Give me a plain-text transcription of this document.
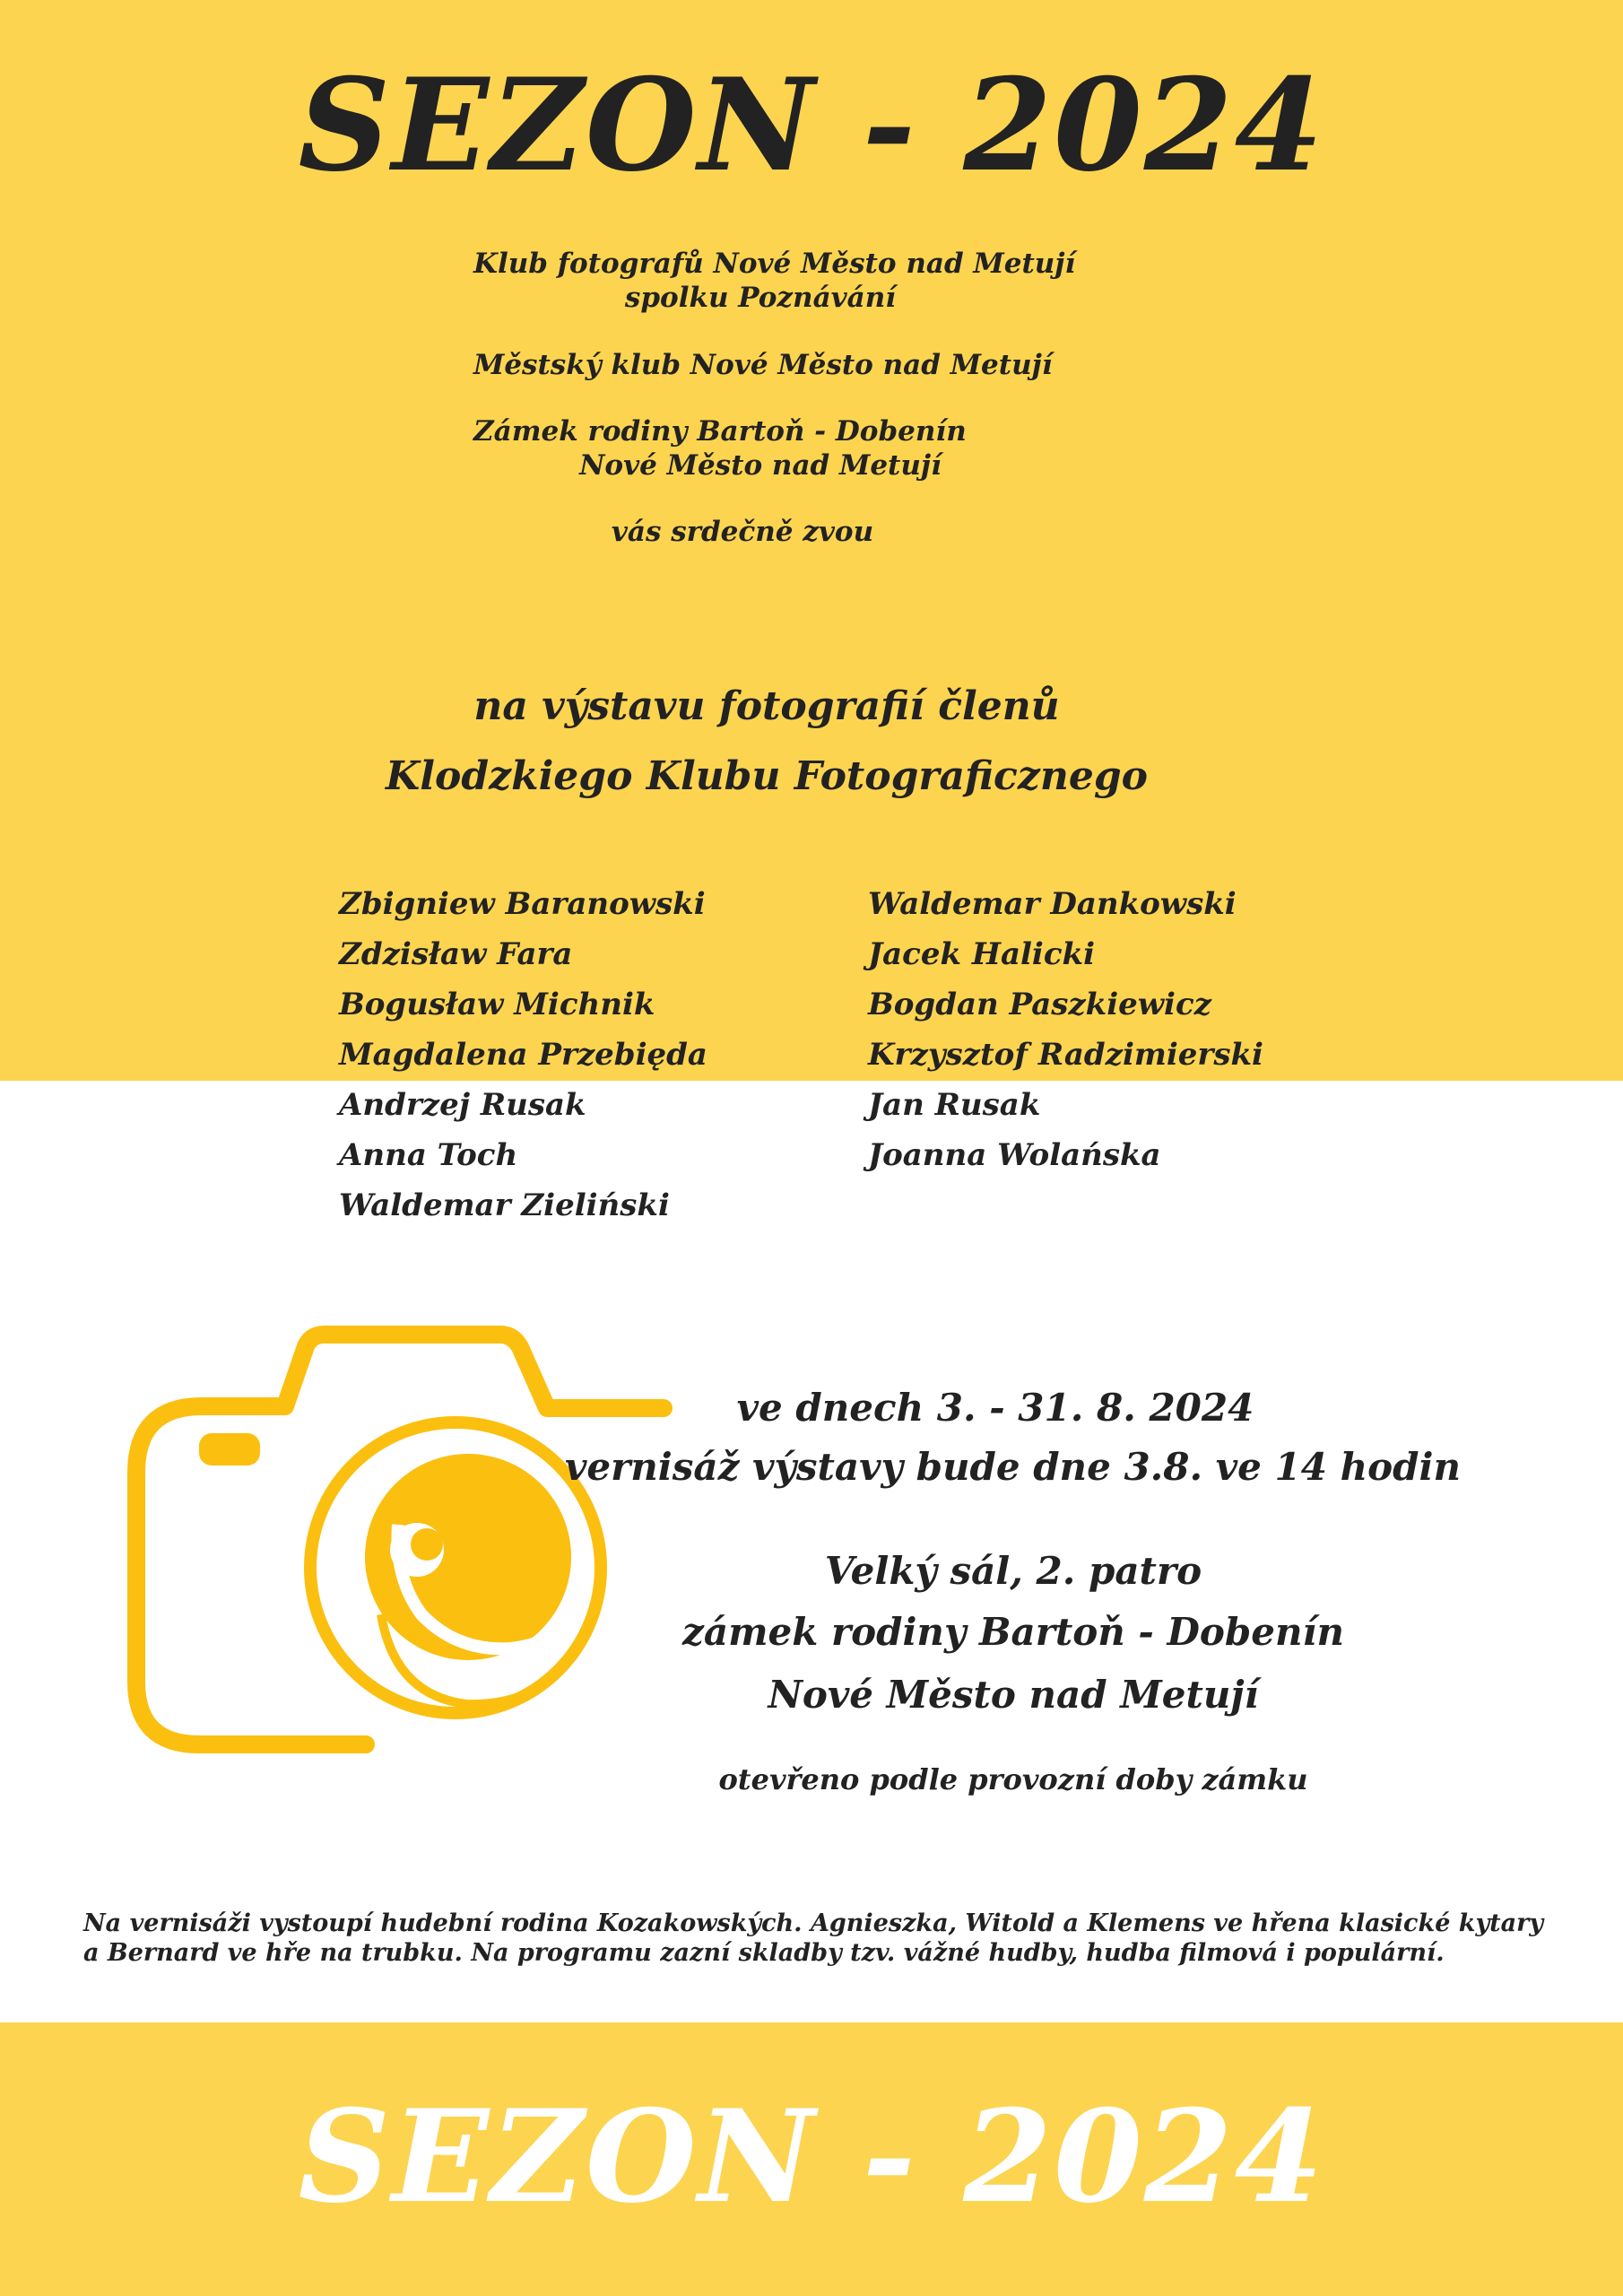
SEZON - 2024
Klub fotografů Nové Město nad Metují
spolku Poznávání
Městský klub Nové Město nad Metují
Zámek rodiny Bartoň - Dobenín
Nové Město nad Metují
vás srdečně zvou
na výstavu fotografií členů
Klodzkiego Klubu Fotograficznego
Zbigniew Baranowski
Zdzisław Fara
Bogusław Michnik
Magdalena Przebięda
Andrzej Rusak
Anna Toch
Waldemar Zieliński
Waldemar Dankowski
Jacek Halicki
Bogdan Paszkiewicz
Krzysztof Radzimierski
Jan Rusak
Joanna Wolańska
ve dnech 3. - 31. 8. 2024
vernisáž výstavy bude dne 3.8. ve 14 hodin
Velký sál, 2. patro
zámek rodiny Bartoň - Dobenín
Nové Město nad Metují
otevřeno podle provozní doby zámku
Na vernisáži vystoupí hudební rodina Kozakowských. Agnieszka, Witold a Klemens ve hřena klasické kytary
a Bernard ve hře na trubku. Na programu zazní skladby tzv. vážné hudby, hudba filmová i populární.
SEZON - 2024
